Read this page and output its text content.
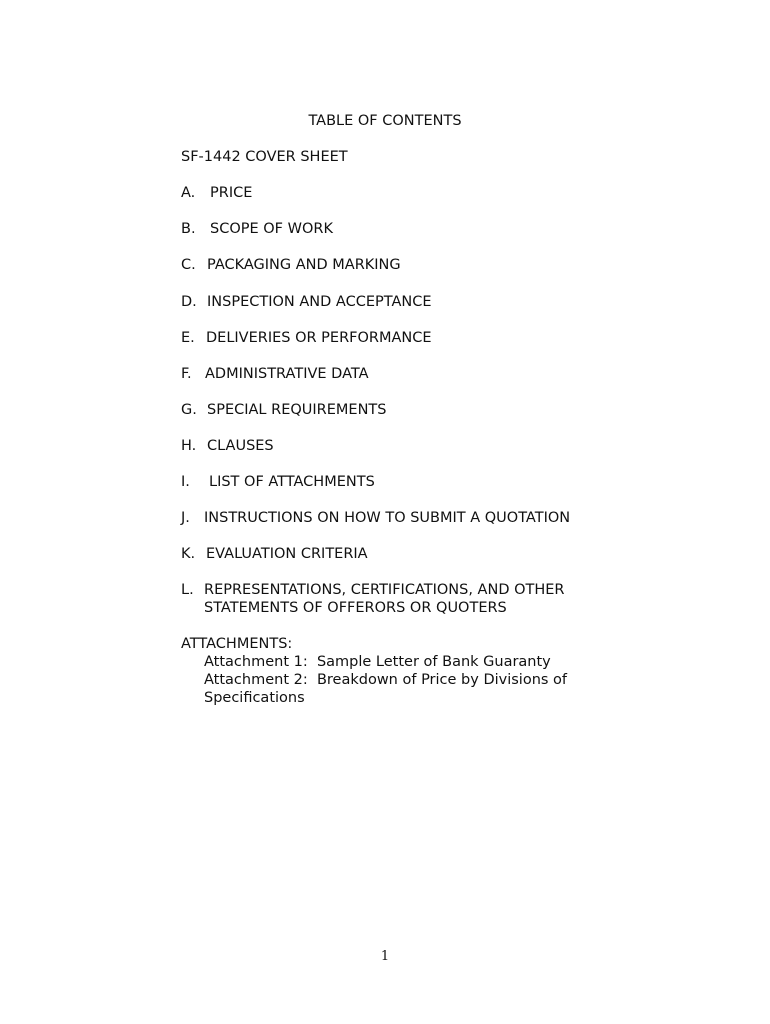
TABLE OF CONTENTS
SF-1442 COVER SHEET
A. PRICE
B. SCOPE OF WORK
C. PACKAGING AND MARKING
D. INSPECTION AND ACCEPTANCE
E. DELIVERIES OR PERFORMANCE
F. ADMINISTRATIVE DATA
G. SPECIAL REQUIREMENTS
H. CLAUSES
I. LIST OF ATTACHMENTS
J. INSTRUCTIONS ON HOW TO SUBMIT A QUOTATION
K. EVALUATION CRITERIA
L. REPRESENTATIONS, CERTIFICATIONS, AND OTHER
STATEMENTS OF OFFERORS OR QUOTERS
ATTACHMENTS:
Attachment 1: Sample Letter of Bank Guaranty
Attachment 2: Breakdown of Price by Divisions of
Specifications
1
